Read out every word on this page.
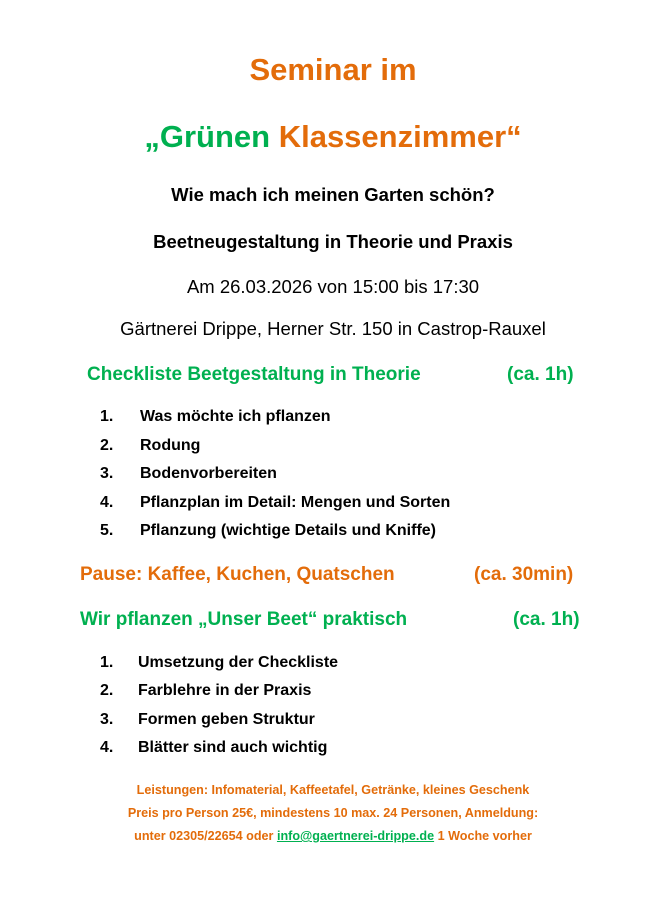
Seminar im
„Grünen Klassenzimmer“
Wie mach ich meinen Garten schön?
Beetneugestaltung in Theorie und Praxis
Am 26.03.2026 von 15:00 bis 17:30
Gärtnerei Drippe, Herner Str. 150 in Castrop-Rauxel
Checkliste Beetgestaltung in Theorie	(ca. 1h)
1. Was möchte ich pflanzen
2. Rodung
3. Bodenvorbereiten
4. Pflanzplan im Detail: Mengen und Sorten
5. Pflanzung (wichtige Details und Kniffe)
Pause: Kaffee, Kuchen, Quatschen	(ca. 30min)
Wir pflanzen „Unser Beet“ praktisch	(ca. 1h)
1. Umsetzung der Checkliste
2. Farblehre in der Praxis
3. Formen geben Struktur
4. Blätter sind auch wichtig
Leistungen: Infomaterial, Kaffeetafel, Getränke, kleines Geschenk
Preis pro Person 25€, mindestens 10 max. 24 Personen, Anmeldung:
unter 02305/22654 oder info@gaertnerei-drippe.de 1 Woche vorher
